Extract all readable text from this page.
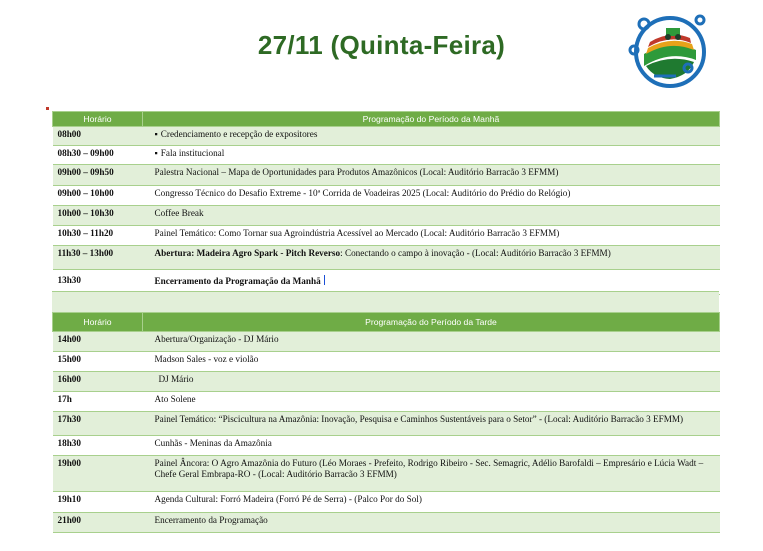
27/11 (Quinta-Feira)
Horário	Programação do Período da Manhã
08h00	▪ Credenciamento e recepção de expositores
08h30 – 09h00	▪ Fala institucional
09h00 – 09h50	Palestra Nacional – Mapa de Oportunidades para Produtos Amazônicos (Local: Auditório Barracão 3 EFMM)
09h00 – 10h00	Congresso Técnico do Desafio Extreme - 10ª Corrida de Voadeiras 2025 (Local: Auditório do Prédio do Relógio)
10h00 – 10h30	Coffee Break
10h30 – 11h20	Painel Temático: Como Tornar sua Agroindústria Acessível ao Mercado (Local: Auditório Barracão 3 EFMM)
11h30 – 13h00	Abertura: Madeira Agro Spark - Pitch Reverso: Conectando o campo à inovação - (Local: Auditório Barracão 3 EFMM)
13h30	Encerramento da Programação da Manhã
Horário	Programação do Período da Tarde
14h00	Abertura/Organização - DJ Mário
15h00	Madson Sales - voz e violão
16h00	DJ Mário
17h	Ato Solene
17h30	Painel Temático: “Piscicultura na Amazônia: Inovação, Pesquisa e Caminhos Sustentáveis para o Setor” - (Local: Auditório Barracão 3 EFMM)
18h30	Cunhãs - Meninas da Amazônia
19h00	Painel Âncora: O Agro Amazônia do Futuro (Léo Moraes - Prefeito, Rodrigo Ribeiro - Sec. Semagric, Adélio Barofaldi – Empresário e Lúcia Wadt – Chefe Geral Embrapa-RO - (Local: Auditório Barracão 3 EFMM)
19h10	Agenda Cultural: Forró Madeira (Forró Pé de Serra) - (Palco Por do Sol)
21h00	Encerramento da Programação
